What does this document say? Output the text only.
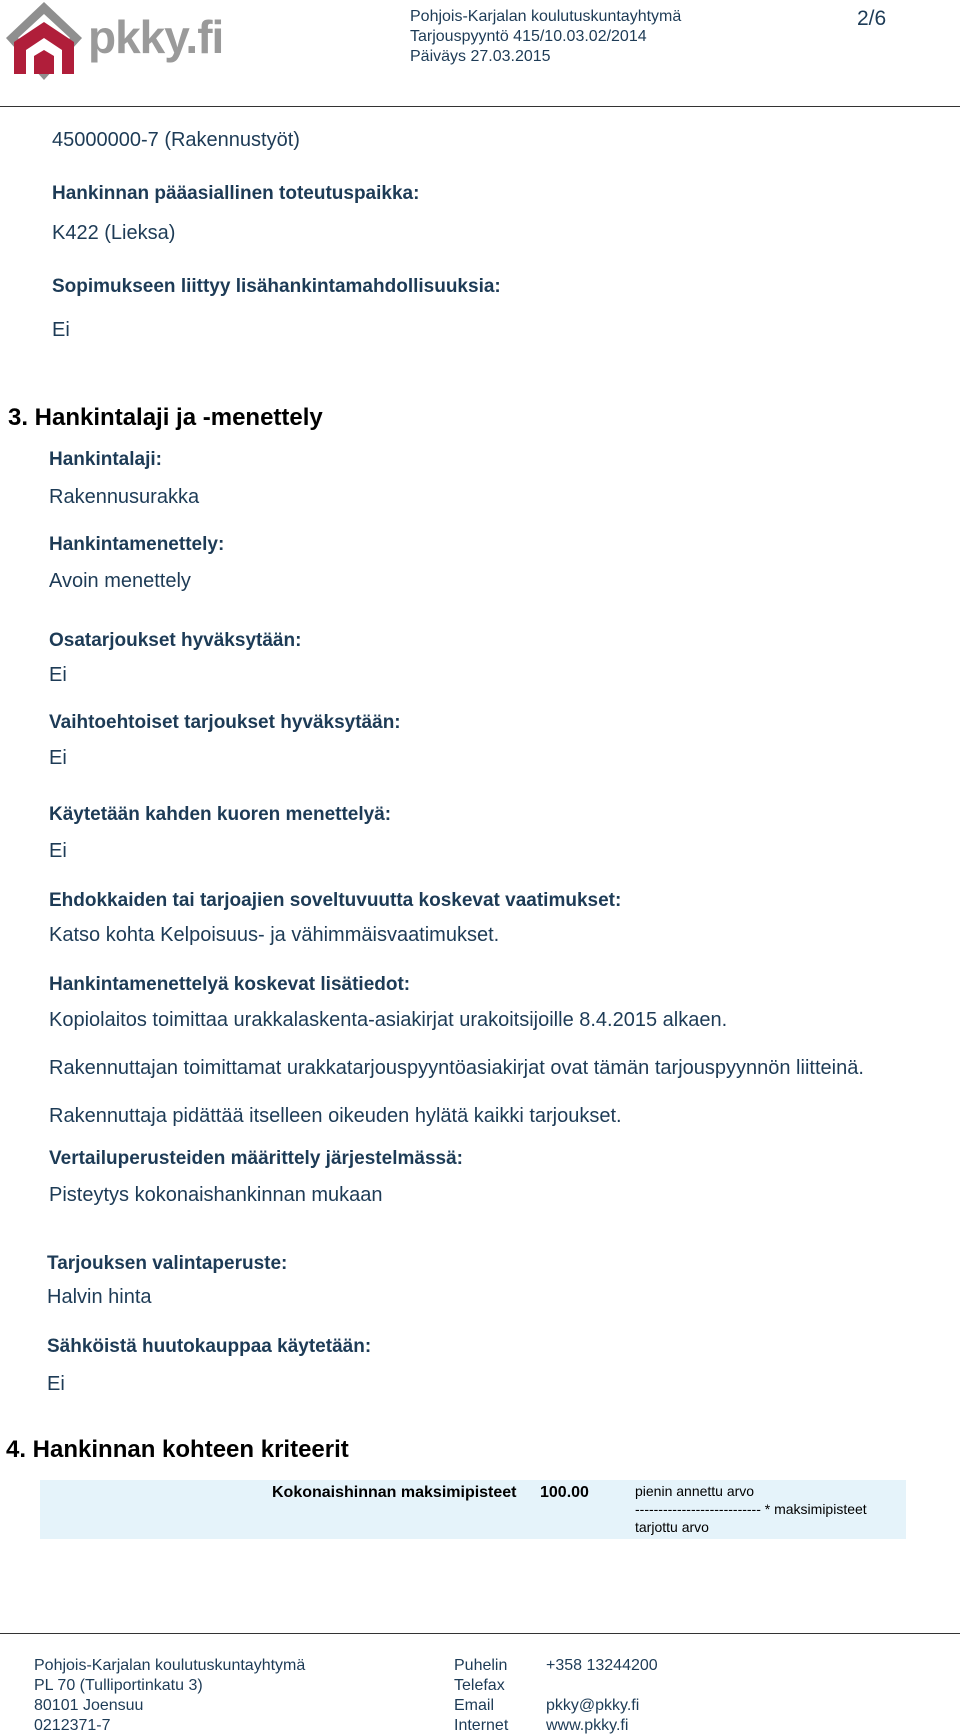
pkky.fi	Pohjois-Karjalan koulutuskuntayhtymä
Tarjouspyyntö 415/10.03.02/2014
Päiväys 27.03.2015
2/6
45000000-7 (Rakennustyöt)
Hankinnan pääasiallinen toteutuspaikka:
K422 (Lieksa)
Sopimukseen liittyy lisähankintamahdollisuuksia:
Ei
3. Hankintalaji ja -menettely
Hankintalaji:
Rakennusurakka
Hankintamenettely:
Avoin menettely
Osatarjoukset hyväksytään:
Ei
Vaihtoehtoiset tarjoukset hyväksytään:
Ei
Käytetään kahden kuoren menettelyä:
Ei
Ehdokkaiden tai tarjoajien soveltuvuutta koskevat vaatimukset:
Katso kohta Kelpoisuus- ja vähimmäisvaatimukset.
Hankintamenettelyä koskevat lisätiedot:
Kopiolaitos toimittaa urakkalaskenta-asiakirjat urakoitsijoille 8.4.2015 alkaen.
Rakennuttajan toimittamat urakkatarjouspyyntöasiakirjat ovat tämän tarjouspyynnön liitteinä.
Rakennuttaja pidättää itselleen oikeuden hylätä kaikki tarjoukset.
Vertailuperusteiden määrittely järjestelmässä:
Pisteytys kokonaishankinnan mukaan
Tarjouksen valintaperuste:
Halvin hinta
Sähköistä huutokauppaa käytetään:
Ei
4. Hankinnan kohteen kriteerit
Kokonaishinnan maksimipisteet 100.00	pienin annettu arvo
--------------------------- * maksimipisteet
tarjottu arvo
Pohjois-Karjalan koulutuskuntayhtymä
PL 70 (Tulliportinkatu 3)
80101 Joensuu
0212371-7
Puhelin
Telefax
Email
Internet
+358 13244200
pkky@pkky.fi
www.pkky.fi
